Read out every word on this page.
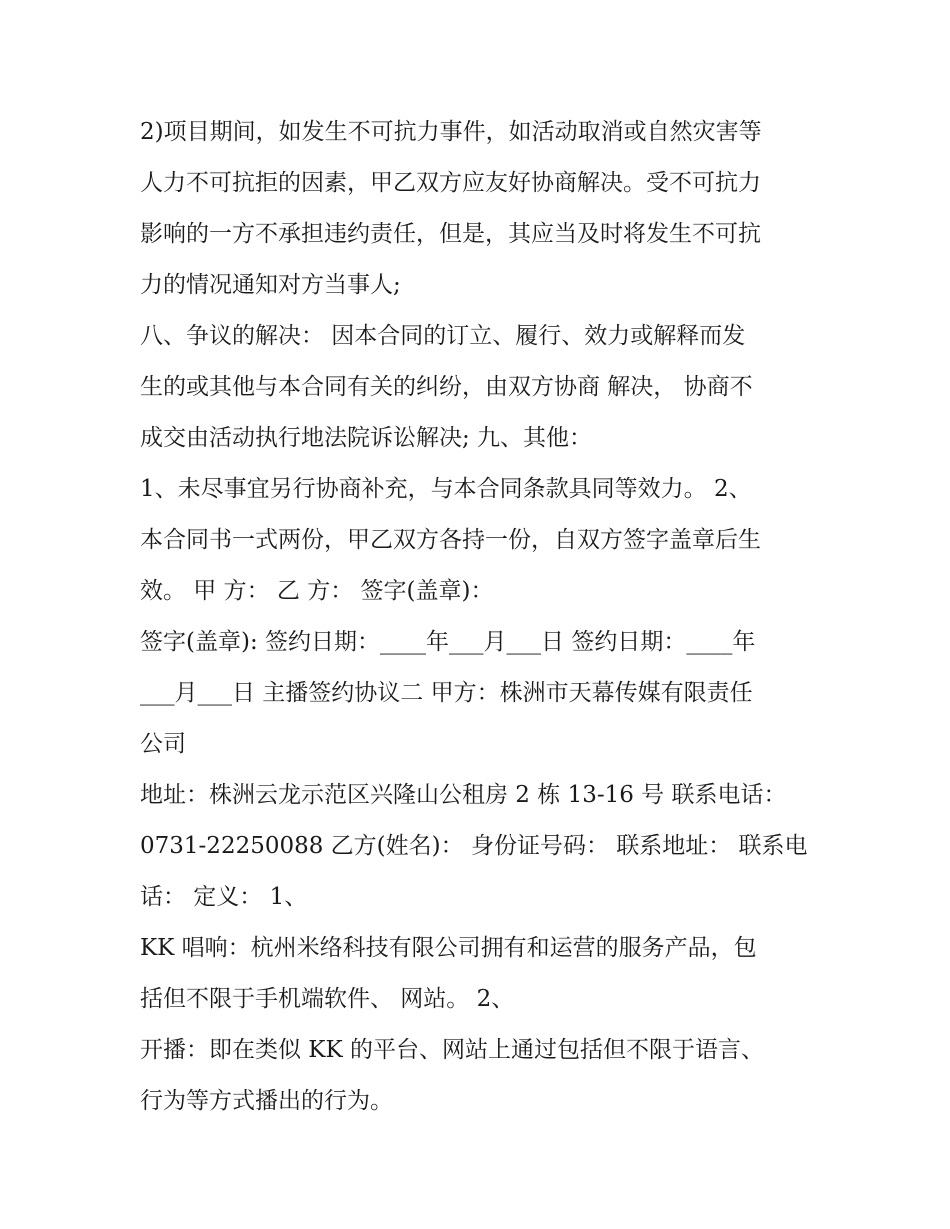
2)项目期间，如发生不可抗力事件，如活动取消或自然灾害等
人力不可抗拒的因素，甲乙双方应友好协商解决。受不可抗力
影响的一方不承担违约责任，但是，其应当及时将发生不可抗
力的情况通知对方当事人;
八、争议的解决： 因本合同的订立、履行、效力或解释而发
生的或其他与本合同有关的纠纷，由双方协商 解决， 协商不
成交由活动执行地法院诉讼解决; 九、其他：
1、未尽事宜另行协商补充，与本合同条款具同等效力。 2、
本合同书一式两份，甲乙双方各持一份，自双方签字盖章后生
效。 甲 方： 乙 方： 签字(盖章)：
签字(盖章): 签约日期：____年___月___日 签约日期：____年
___月___日 主播签约协议二 甲方：株洲市天幕传媒有限责任
公司
地址：株洲云龙示范区兴隆山公租房 2 栋 13-16 号 联系电话：
0731-22250088 乙方(姓名)： 身份证号码： 联系地址： 联系电
话： 定义： 1、
KK 唱响：杭州米络科技有限公司拥有和运营的服务产品，包
括但不限于手机端软件、 网站。 2、
开播：即在类似 KK 的平台、网站上通过包括但不限于语言、
行为等方式播出的行为。
